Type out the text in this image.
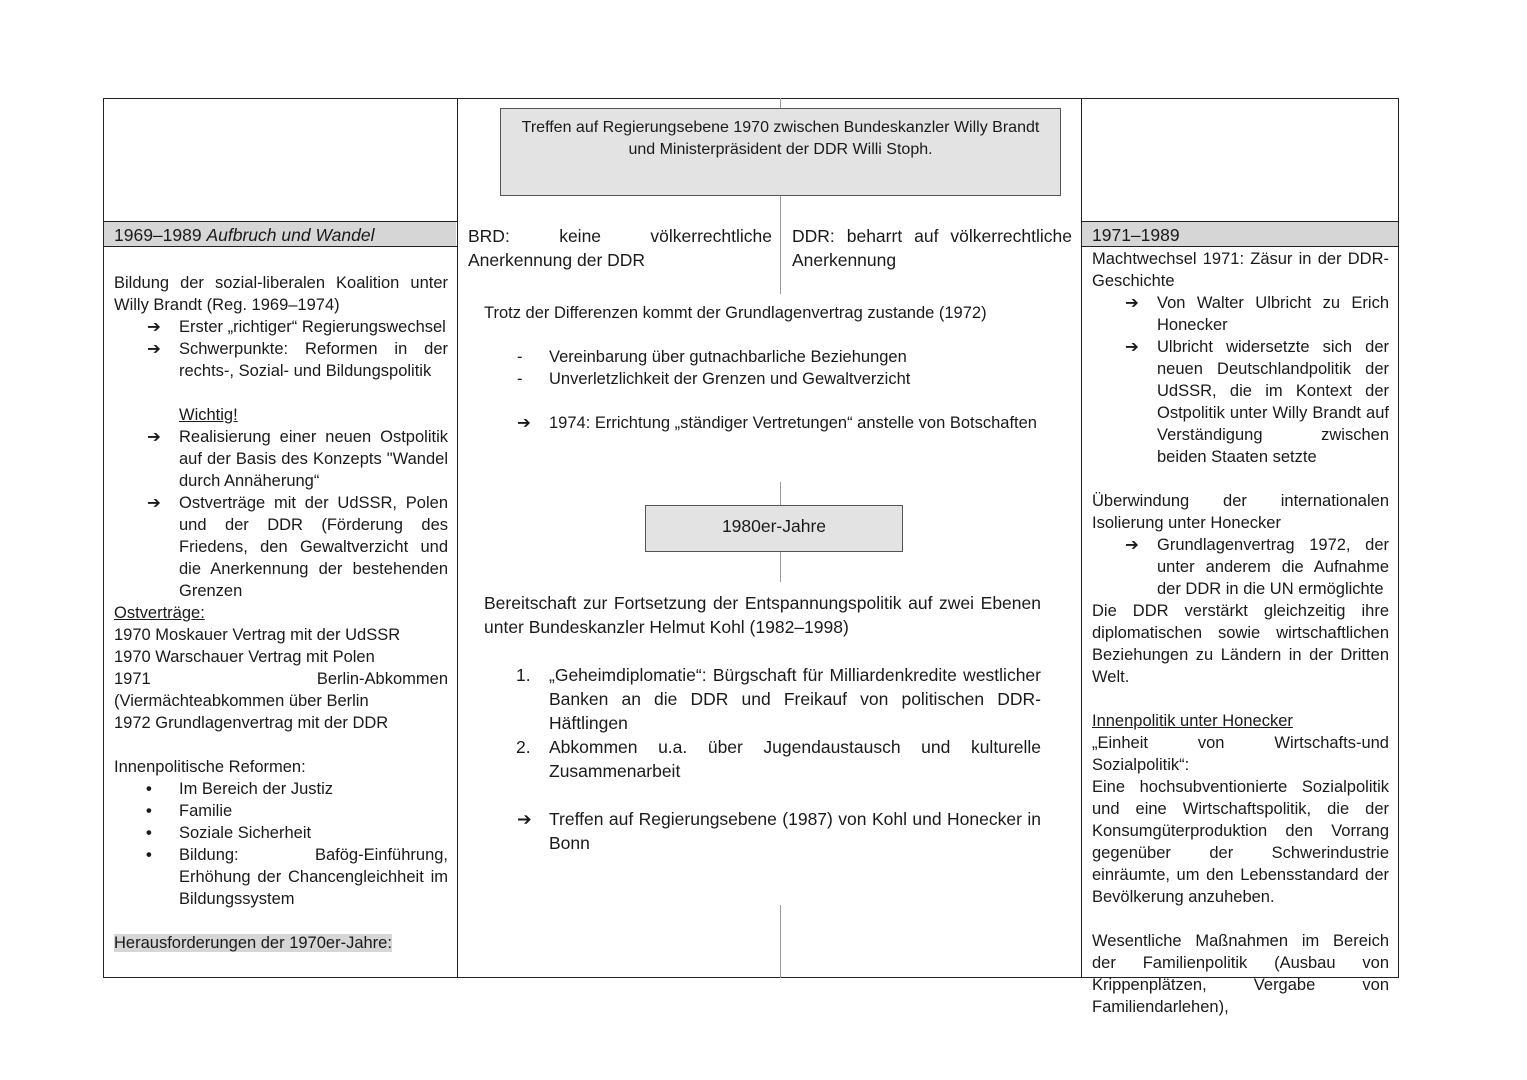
Treffen auf Regierungsebene 1970 zwischen Bundeskanzler Willy Brandt und Ministerpräsident der DDR Willi Stoph.
1969–1989 Aufbruch und Wandel

Bildung der sozial-liberalen Koalition unter Willy Brandt (Reg. 1969–1974)

➔ Erster „richtiger“ Regierungswechsel
➔ Schwerpunkte: Reformen in der rechts-, Sozial- und Bildungspolitik
Wichtig!
➔ Realisierung einer neuen Ostpolitik auf der Basis des Konzepts "Wandel durch Annäherung“
➔ Ostverträge mit der UdSSR, Polen und der DDR (Förderung des Friedens, den Gewaltverzicht und die Anerkennung der bestehenden Grenzen

Ostverträge:

1970 Moskauer Vertrag mit der UdSSR

1970 Warschauer Vertrag mit Polen

1971 Berlin-Abkommen (Viermächteabkommen über Berlin

1972 Grundlagenvertrag mit der DDR

Innenpolitische Reformen:

• Im Bereich der Justiz
• Familie
• Soziale Sicherheit
• Bildung: Bafög-Einführung, Erhöhung der Chancengleichheit im Bildungssystem

Herausforderungen der 1970er-Jahre:

BRD: keine völkerrechtliche Anerkennung der DDR
DDR: beharrt auf völkerrechtliche Anerkennung

Trotz der Differenzen kommt der Grundlagenvertrag zustande (1972)

- Vereinbarung über gutnachbarliche Beziehungen
- Unverletzlichkeit der Grenzen und Gewaltverzicht
➔ 1974: Errichtung „ständiger Vertretungen“ anstelle von Botschaften
1980er-Jahre

Bereitschaft zur Fortsetzung der Entspannungspolitik auf zwei Ebenen unter Bundeskanzler Helmut Kohl (1982–1998)

1. „Geheimdiplomatie“: Bürgschaft für Milliardenkredite westlicher Banken an die DDR und Freikauf von politischen DDR-Häftlingen
2. Abkommen u.a. über Jugendaustausch und kulturelle Zusammenarbeit
➔ Treffen auf Regierungsebene (1987) von Kohl und Honecker in Bonn
1971–1989

Machtwechsel 1971: Zäsur in der DDR-Geschichte

➔ Von Walter Ulbricht zu Erich Honecker
➔ Ulbricht widersetzte sich der neuen Deutschlandpolitik der UdSSR, die im Kontext der Ostpolitik unter Willy Brandt auf Verständigung zwischen beiden Staaten setzte

Überwindung der internationalen Isolierung unter Honecker

➔ Grundlagenvertrag 1972, der unter anderem die Aufnahme der DDR in die UN ermöglichte

Die DDR verstärkt gleichzeitig ihre diplomatischen sowie wirtschaftlichen Beziehungen zu Ländern in der Dritten Welt.

Innenpolitik unter Honecker

„Einheit von Wirtschafts-und Sozialpolitik“:

Eine hochsubventionierte Sozialpolitik und eine Wirtschaftspolitik, die der Konsumgüterproduktion den Vorrang gegenüber der Schwerindustrie einräumte, um den Lebensstandard der Bevölkerung anzuheben.

Wesentliche Maßnahmen im Bereich der Familienpolitik (Ausbau von Krippenplätzen, Vergabe von Familiendarlehen),
